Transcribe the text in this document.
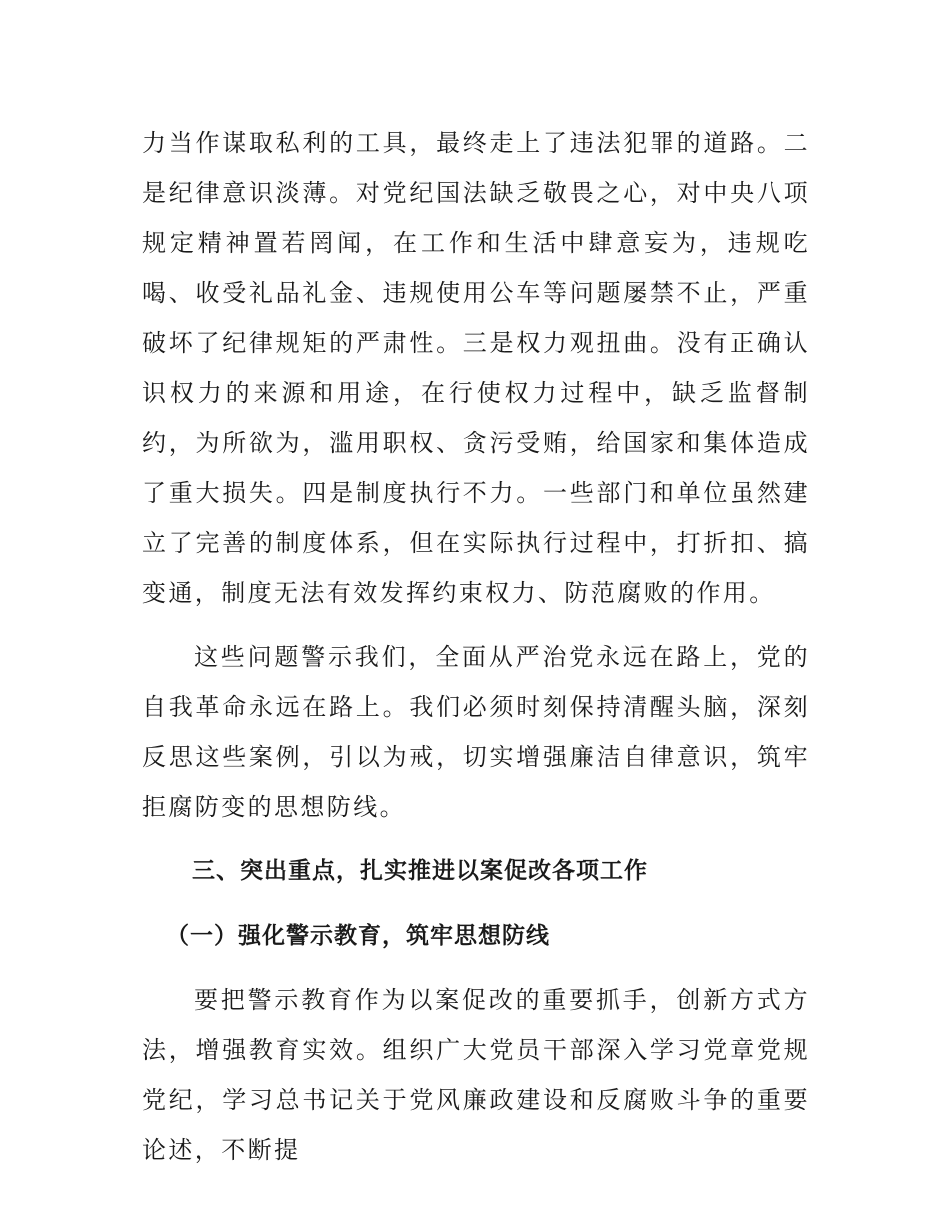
力当作谋取私利的工具，最终走上了违法犯罪的道路。二是纪律意识淡薄。对党纪国法缺乏敬畏之心，对中央八项规定精神置若罔闻，在工作和生活中肆意妄为，违规吃喝、收受礼品礼金、违规使用公车等问题屡禁不止，严重破坏了纪律规矩的严肃性。三是权力观扭曲。没有正确认识权力的来源和用途，在行使权力过程中，缺乏监督制约，为所欲为，滥用职权、贪污受贿，给国家和集体造成了重大损失。四是制度执行不力。一些部门和单位虽然建立了完善的制度体系，但在实际执行过程中，打折扣、搞变通，制度无法有效发挥约束权力、防范腐败的作用。

这些问题警示我们，全面从严治党永远在路上，党的自我革命永远在路上。我们必须时刻保持清醒头脑，深刻反思这些案例，引以为戒，切实增强廉洁自律意识，筑牢拒腐防变的思想防线。

三、突出重点，扎实推进以案促改各项工作
（一）强化警示教育，筑牢思想防线

要把警示教育作为以案促改的重要抓手，创新方式方法，增强教育实效。组织广大党员干部深入学习党章党规党纪，学习总书记关于党风廉政建设和反腐败斗争的重要论述，不断提
